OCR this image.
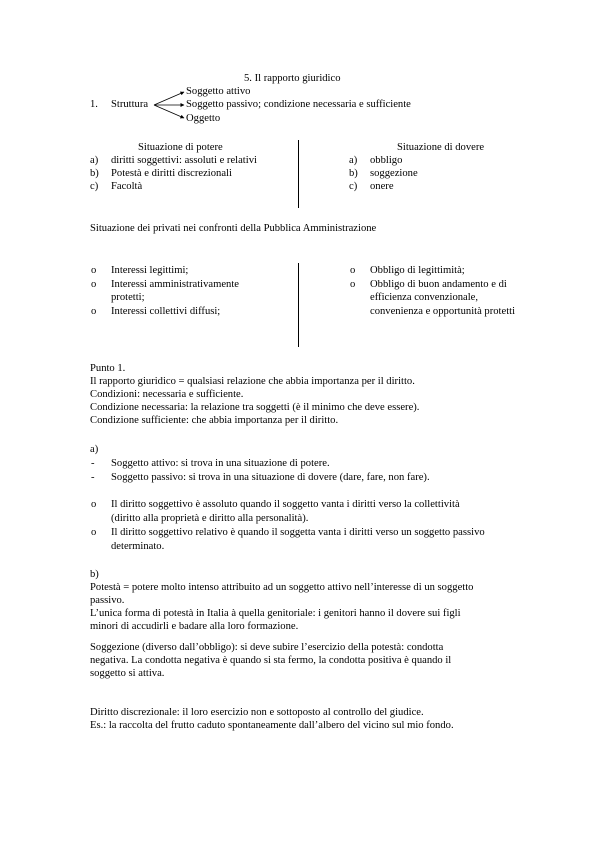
5. Il rapporto giuridico
1. Struttura
Soggetto attivo
Soggetto passivo; condizione necessaria e sufficiente
Oggetto
Situazione di potere
a) diritti soggettivi: assoluti e relativi
b) Potestà e diritti discrezionali
c) Facoltà
Situazione di dovere
a) obbligo
b) soggezione
c) onere
Situazione dei privati nei confronti della Pubblica Amministrazione
o Interessi legittimi;
o Interessi amministrativamente
protetti;
o Interessi collettivi diffusi;
o Obbligo di legittimità;
o Obbligo di buon andamento e di
efficienza convenzionale,
convenienza e opportunità protetti
Punto 1.
Il rapporto giuridico = qualsiasi relazione che abbia importanza per il diritto.
Condizioni: necessaria e sufficiente.
Condizione necessaria: la relazione tra soggetti (è il minimo che deve essere).
Condizione sufficiente: che abbia importanza per il diritto.
a)
- Soggetto attivo: si trova in una situazione di potere.
- Soggetto passivo: si trova in una situazione di dovere (dare, fare, non fare).
o Il diritto soggettivo è assoluto quando il soggetto vanta i diritti verso la collettività
(diritto alla proprietà e diritto alla personalità).
o Il diritto soggettivo relativo è quando il soggetta vanta i diritti verso un soggetto passivo
determinato.
b)
Potestà = potere molto intenso attribuito ad un soggetto attivo nell’interesse di un soggetto
passivo.
L’unica forma di potestà in Italia à quella genitoriale: i genitori hanno il dovere sui figli
minori di accudirli e badare alla loro formazione.
Soggezione (diverso dall’obbligo): si deve subire l’esercizio della potestà: condotta
negativa. La condotta negativa è quando si sta fermo, la condotta positiva è quando il
soggetto si attiva.
Diritto discrezionale: il loro esercizio non e sottoposto al controllo del giudice.
Es.: la raccolta del frutto caduto spontaneamente dall’albero del vicino sul mio fondo.
